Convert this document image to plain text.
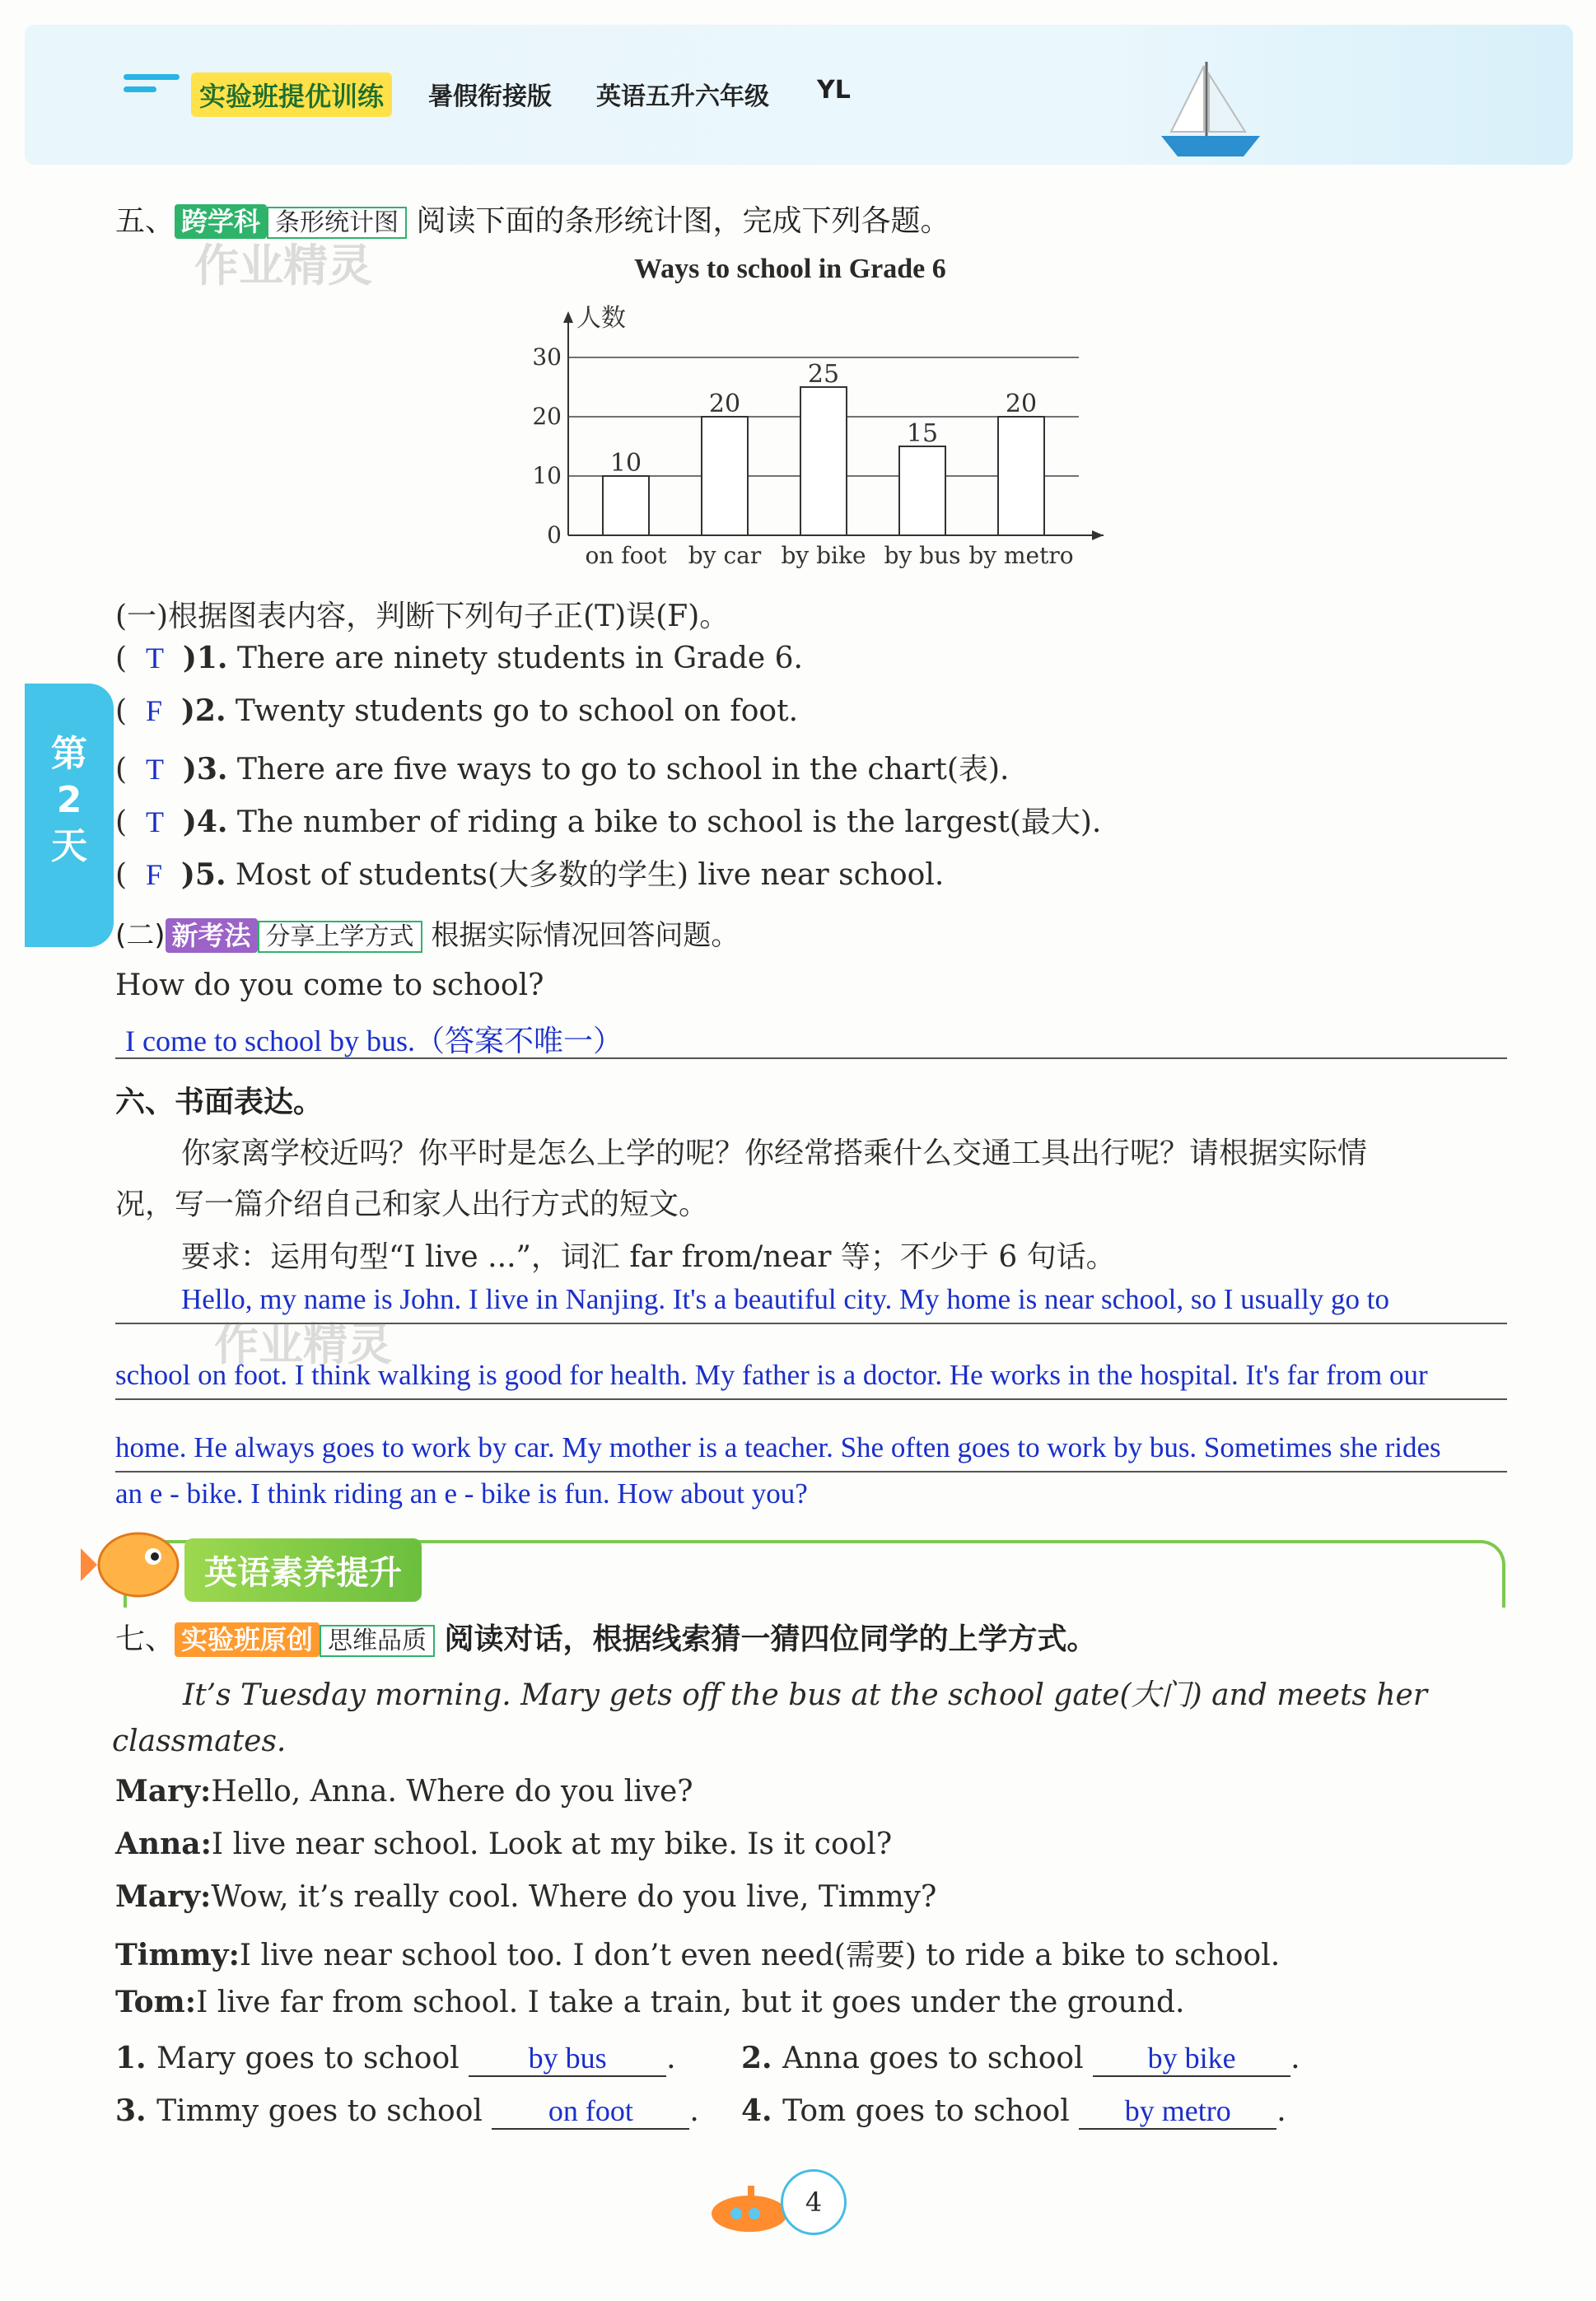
实验班提优训练	暑假衔接版 英语五升六年级 YL
第
2
天
五、 跨学科 条形统计图 阅读下面的条形统计图，完成下列各题。
作业精灵	Ways to school in Grade 6
人数
0
10
20
30
10
on foot
20
by car
25
by bike
15
by bus
20
by metro
(一)根据图表内容，判断下列句子正(T)误(F)。
(  T )1. There are ninety students in Grade 6.
(  F )2. Twenty students go to school on foot.
(  T )3. There are five ways to go to school in the chart(表).
(  T )4. The number of riding a bike to school is the largest(最大).
(  F )5. Most of students(大多数的学生) live near school.
(二) 新考法 分享上学方式 根据实际情况回答问题。
How do you come to school?
I come to school by bus.（答案不唯一）
六、书面表达。
你家离学校近吗？你平时是怎么上学的呢？你经常搭乘什么交通工具出行呢？请根据实际情
况，写一篇介绍自己和家人出行方式的短文。
要求：运用句型“I live ...”，词汇 far from/near 等；不少于 6 句话。
Hello, my name is John. I live in Nanjing. It's a beautiful city. My home is near school, so I usually go to
作业精灵
school on foot. I think walking is good for health. My father is a doctor. He works in the hospital. It's far from our
home. He always goes to work by car. My mother is a teacher. She often goes to work by bus. Sometimes she rides
an e - bike. I think riding an e - bike is fun. How about you?
英语素养提升
七、 实验班原创 思维品质 阅读对话，根据线索猜一猜四位同学的上学方式。
It’s Tuesday morning. Mary gets off the bus at the school gate(大门) and meets her
classmates.
Mary:Hello, Anna. Where do you live?
Anna:I live near school. Look at my bike. Is it cool?
Mary:Wow, it’s really cool. Where do you live, Timmy?
Timmy:I live near school too. I don’t even need(需要) to ride a bike to school.
Tom:I live far from school. I take a train, but it goes under the ground.
1. Mary goes to school by bus . 2. Anna goes to school by bike .
3. Timmy goes to school on foot . 4. Tom goes to school by metro .
4
